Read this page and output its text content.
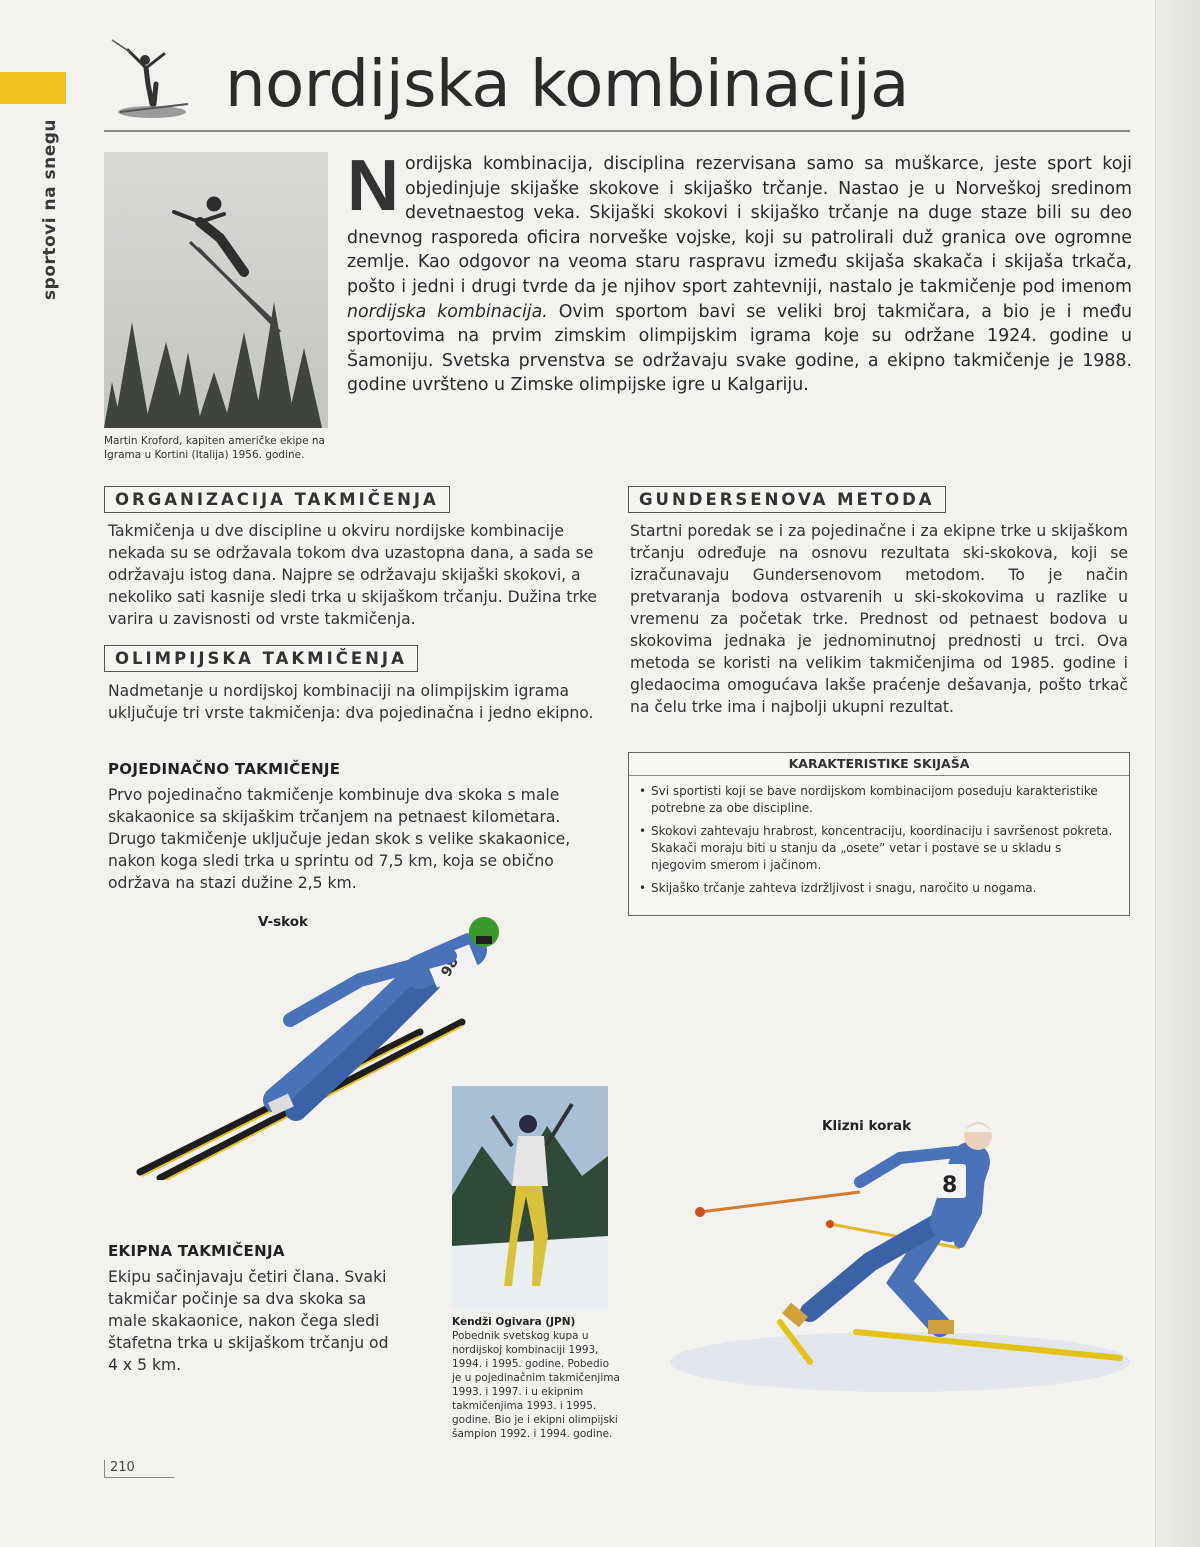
sportovi na snegu
nordijska kombinacija
Martin Kroford, kapiten američke ekipe na Igrama u Kortini (Italija) 1956. godine.
Nordijska kombinacija, disciplina rezervisana samo sa muškarce, jeste sport koji objedinjuje skijaške skokove i skijaško trčanje. Nastao je u Norveškoj sredinom devetnaestog veka. Skijaški skokovi i skijaško trčanje na duge staze bili su deo dnevnog rasporeda oficira norveške vojske, koji su patrolirali duž granica ove ogromne zemlje. Kao odgovor na veoma staru raspravu između skijaša skakača i skijaša trkača, pošto i jedni i drugi tvrde da je njihov sport zahtevniji, nastalo je takmičenje pod imenom nordijska kombinacija. Ovim sportom bavi se veliki broj takmičara, a bio je i među sportovima na prvim zimskim olimpijskim igrama koje su održane 1924. godine u Šamoniju. Svetska prvenstva se održavaju svake godine, a ekipno takmičenje je 1988. godine uvršteno u Zimske olimpijske igre u Kalgariju.
ORGANIZACIJA TAKMIČENJA
Takmičenja u dve discipline u okviru nordijske kombinacije nekada su se održavala tokom dva uzastopna dana, a sada se održavaju istog dana. Najpre se održavaju skijaški skokovi, a nekoliko sati kasnije sledi trka u skijaškom trčanju. Dužina trke varira u zavisnosti od vrste takmičenja.
OLIMPIJSKA TAKMIČENJA
Nadmetanje u nordijskoj kombinaciji na olimpijskim igrama uključuje tri vrste takmičenja: dva pojedinačna i jedno ekipno.
POJEDINAČNO TAKMIČENJE
Prvo pojedinačno takmičenje kombinuje dva skoka s male skakaonice sa skijaškim trčanjem na petnaest kilometara. Drugo takmičenje uključuje jedan skok s velike skakaonice, nakon koga sledi trka u sprintu od 7,5 km, koja se obično održava na stazi dužine 2,5 km.
GUNDERSENOVA METODA
Startni poredak se i za pojedinačne i za ekipne trke u skijaškom trčanju određuje na osnovu rezultata ski-skokova, koji se izračunavaju Gundersenovom metodom. To je način pretvaranja bodova ostvarenih u ski-skokovima u razlike u vremenu za početak trke. Prednost od petnaest bodova u skokovima jednaka je jednominutnoj prednosti u trci. Ova metoda se koristi na velikim takmičenjima od 1985. godine i gledaocima omogućava lakše praćenje dešavanja, pošto trkač na čelu trke ima i najbolji ukupni rezultat.
KARAKTERISTIKE SKIJAŠA
• Svi sportisti koji se bave nordijskom kombinacijom poseduju karakteristike potrebne za obe discipline.
• Skokovi zahtevaju hrabrost, koncentraciju, koordinaciju i savršenost pokreta. Skakači moraju biti u stanju da „osete” vetar i postave se u skladu s njegovim smerom i jačinom.
• Skijaško trčanje zahteva izdržljivost i snagu, naročito u nogama.
V-skok
98
Kendži Ogivara (JPN)
Pobednik svetskog kupa u nordijskoj kombinaciji 1993, 1994. i 1995. godine. Pobedio je u pojedinačnim takmičenjima 1993. i 1997. i u ekipnim takmičenjima 1993. i 1995. godine. Bio je i ekipni olimpijski šampion 1992. i 1994. godine.
Klizni korak
8
EKIPNA TAKMIČENJA
Ekipu sačinjavaju četiri člana. Svaki takmičar počinje sa dva skoka sa male skakaonice, nakon čega sledi štafetna trka u skijaškom trčanju od 4 x 5 km.
210
